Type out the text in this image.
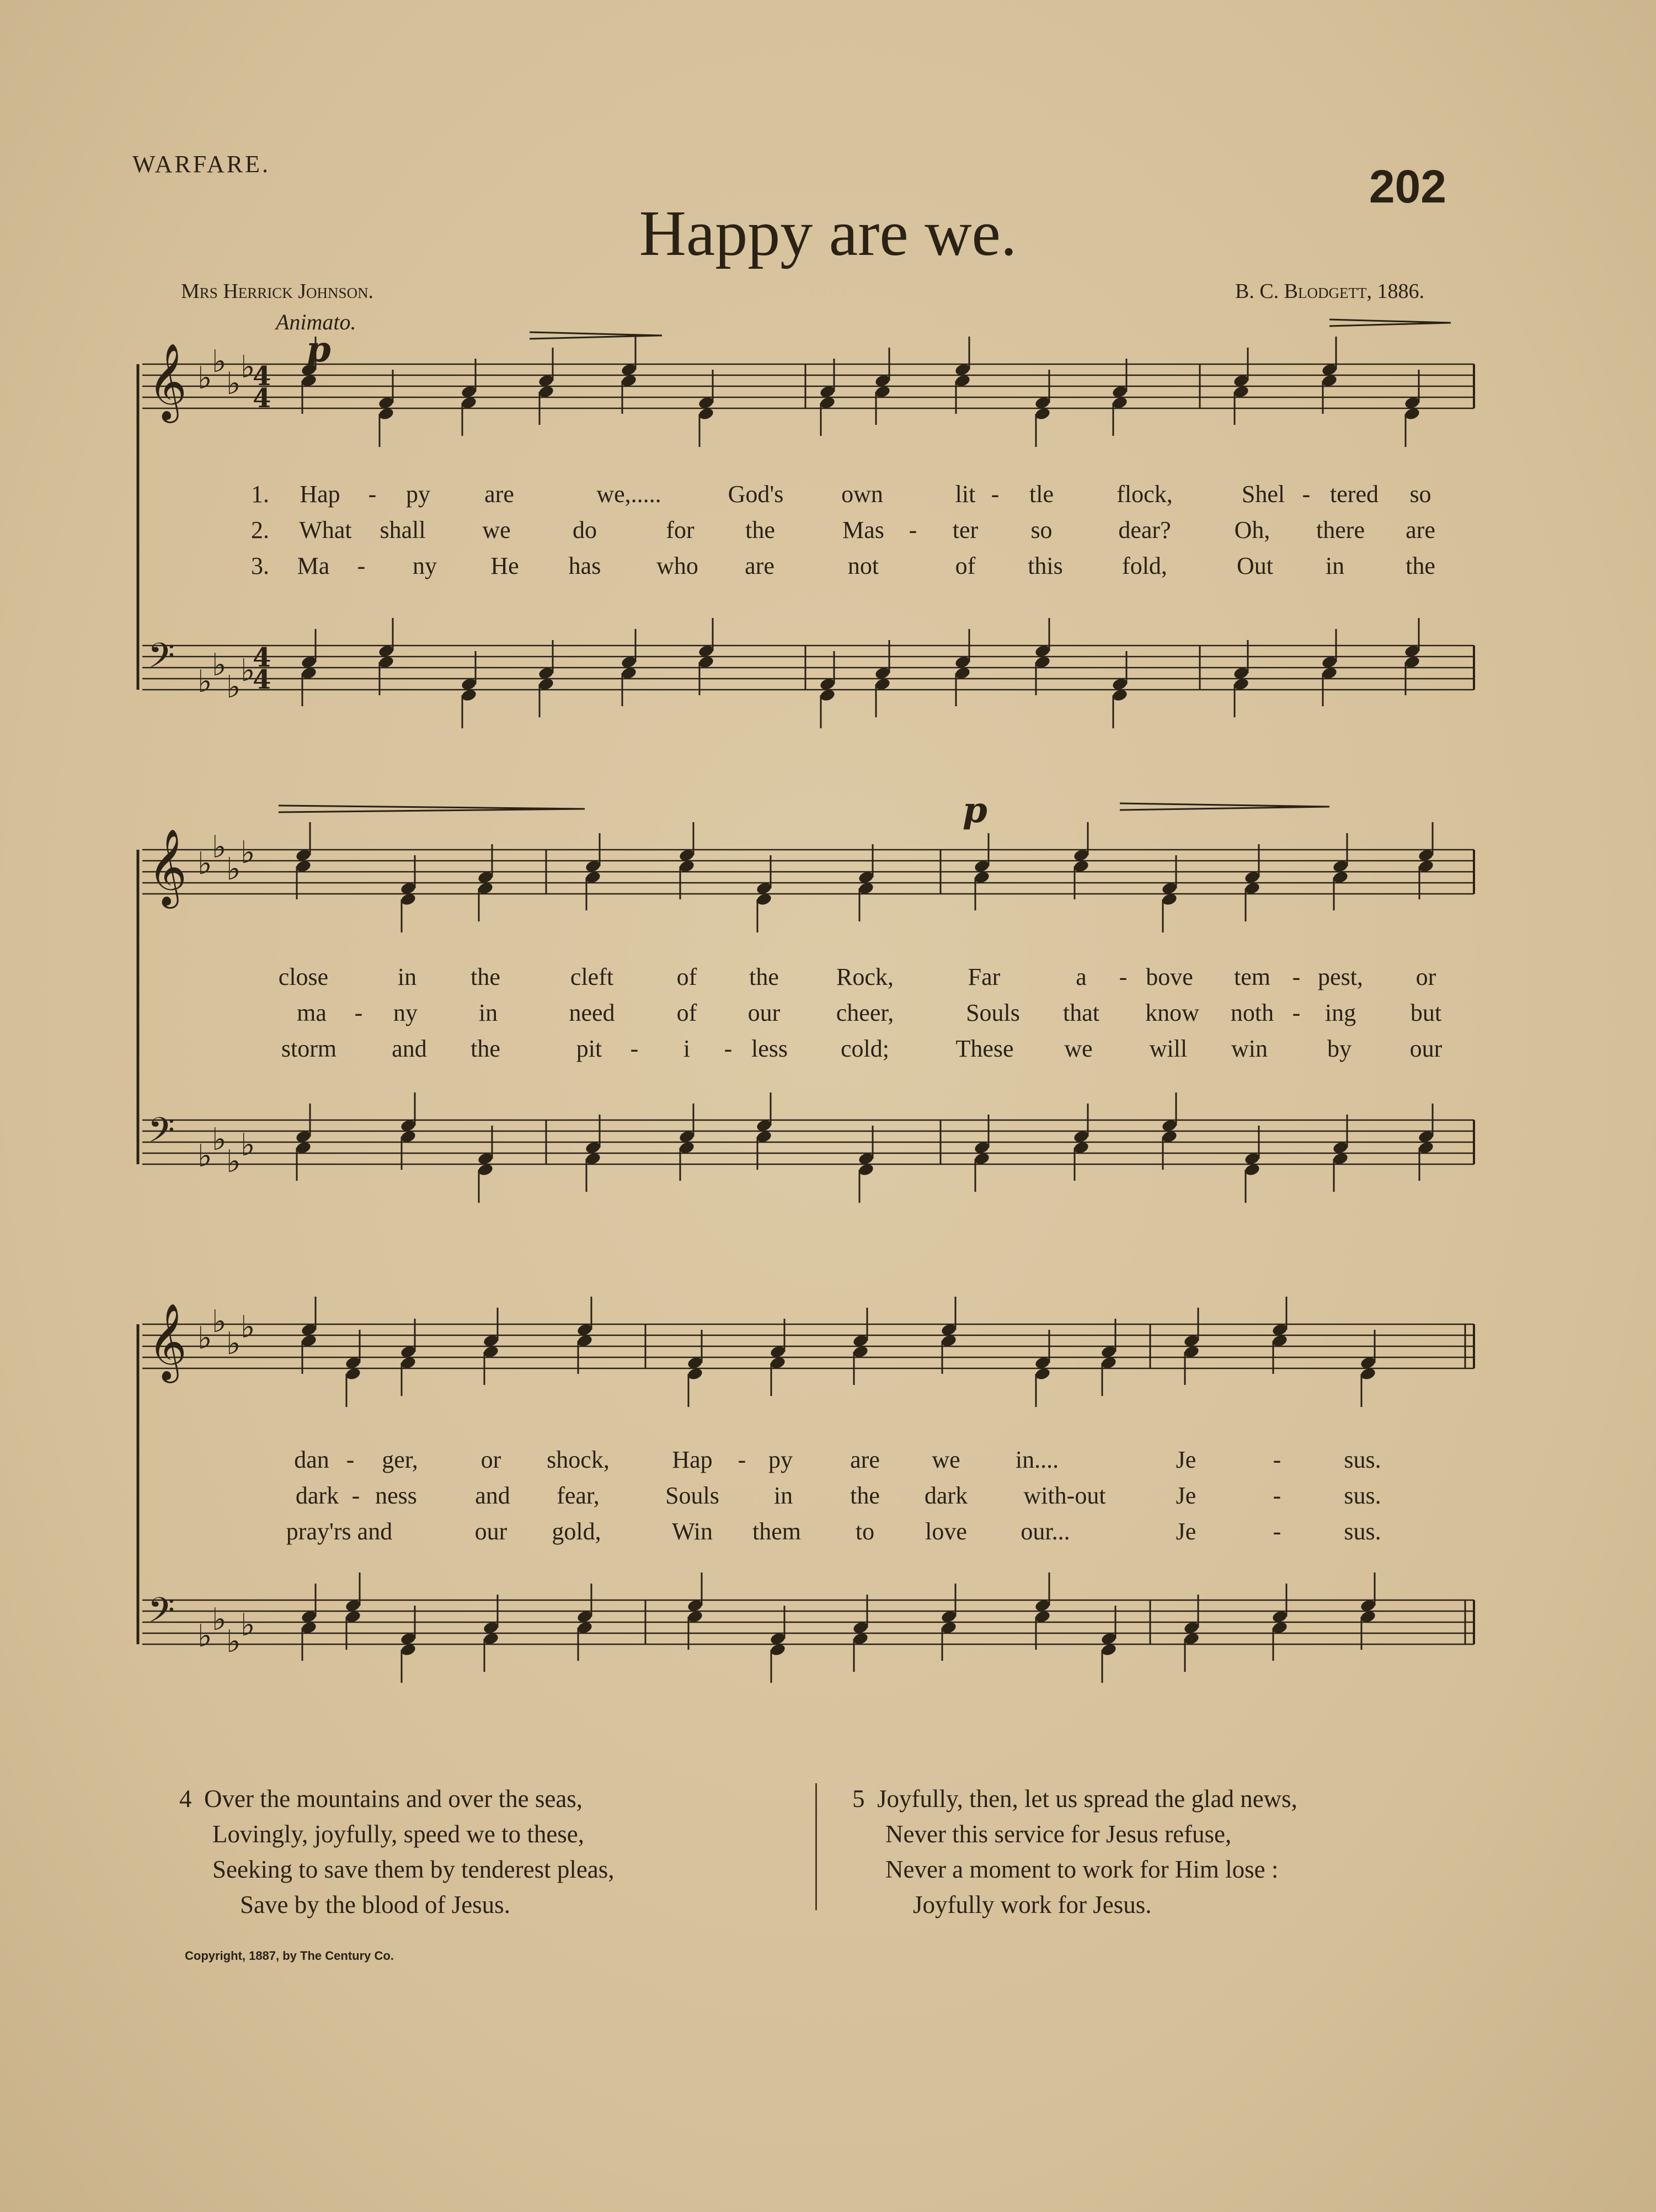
WARFARE.	202
Happy are we.
Mrs Herrick Johnson.	B. C. Blodgett, 1886.
Animato.
𝄞 ♭ ♭
♭ ♭
4
4
𝄢 ♭ ♭
♭ ♭
4
4
𝄞 ♭ ♭
♭ ♭
𝄢 ♭ ♭
♭ ♭
𝄞 ♭ ♭
♭ ♭
𝄢 ♭ ♭
♭ ♭
p
p
1. Hap - py are	we,.....	God's own	lit - tle	flock,	Shel - tered so
2. What shall we	do	for the	Mas - ter so	dear?	Oh, there are
3. Ma - ny He has who are	not	of this fold,	Out in	the
close	in the	cleft	of the Rock,	Far	a - bove tem - pest, or
ma - ny	in	need	of our cheer,	Souls that know noth - ing but
storm and the	pit - i - less cold;	These we will win by our
dan - ger,	or shock,	Hap - py are we in....	Je	-	sus.
dark - ness and fear,	Souls in the dark with-out	Je	-	sus.
pray'rs and	our gold,	Win them to love our...	Je	-	sus.
4 Over the mountains and over the seas,
Lovingly, joyfully, speed we to these,
Seeking to save them by tenderest pleas,
Save by the blood of Jesus.
5 Joyfully, then, let us spread the glad news,
Never this service for Jesus refuse,
Never a moment to work for Him lose :
Joyfully work for Jesus.
Copyright, 1887, by The Century Co.
